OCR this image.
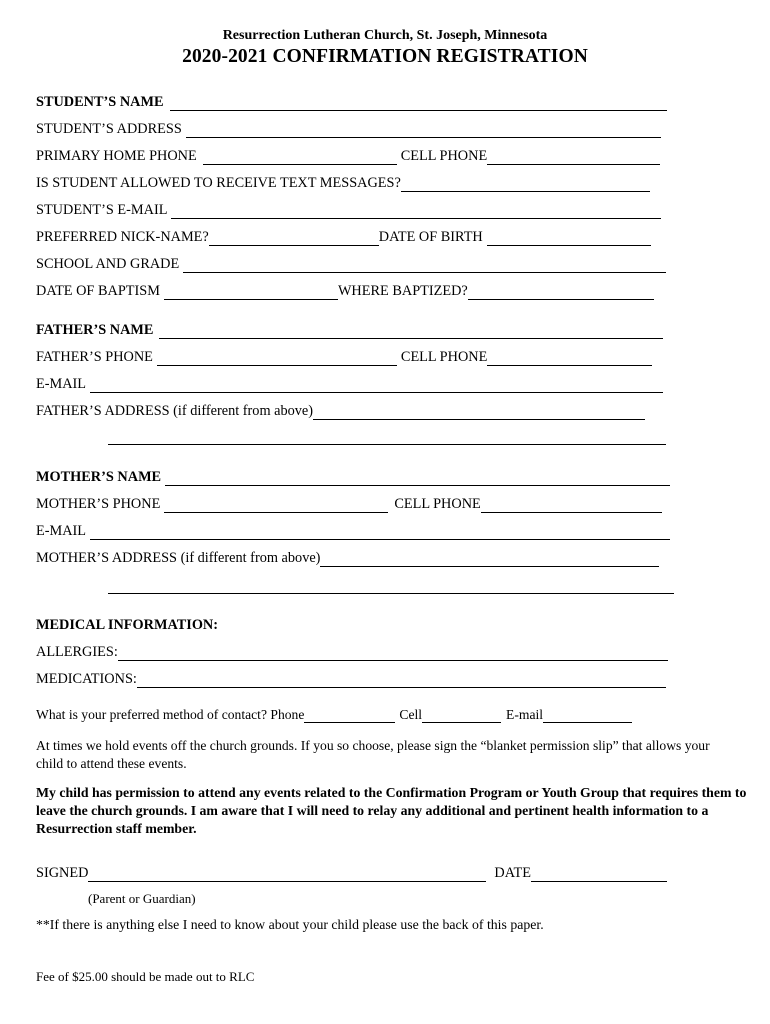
Resurrection Lutheran Church, St. Joseph, Minnesota
2020-2021 CONFIRMATION REGISTRATION
STUDENT’S NAME
STUDENT’S ADDRESS
PRIMARY HOME PHONE	CELL PHONE
IS STUDENT ALLOWED TO RECEIVE TEXT MESSAGES?
STUDENT’S E-MAIL
PREFERRED NICK-NAME?	DATE OF BIRTH
SCHOOL AND GRADE
DATE OF BAPTISM	WHERE BAPTIZED?
FATHER’S NAME
FATHER’S PHONE	CELL PHONE
E-MAIL
FATHER’S ADDRESS (if different from above)
MOTHER’S NAME
MOTHER’S PHONE	CELL PHONE
E-MAIL
MOTHER’S ADDRESS (if different from above)
MEDICAL INFORMATION:
ALLERGIES:
MEDICATIONS:
What is your preferred method of contact? Phone	Cell	E-mail
At times we hold events off the church grounds. If you so choose, please sign the “blanket permission slip” that allows your child to attend these events.
My child has permission to attend any events related to the Confirmation Program or Youth Group that requires them to leave the church grounds. I am aware that I will need to relay any additional and pertinent health information to a Resurrection staff member.
SIGNED	DATE
(Parent or Guardian)
**If there is anything else I need to know about your child please use the back of this paper.
Fee of $25.00 should be made out to RLC
